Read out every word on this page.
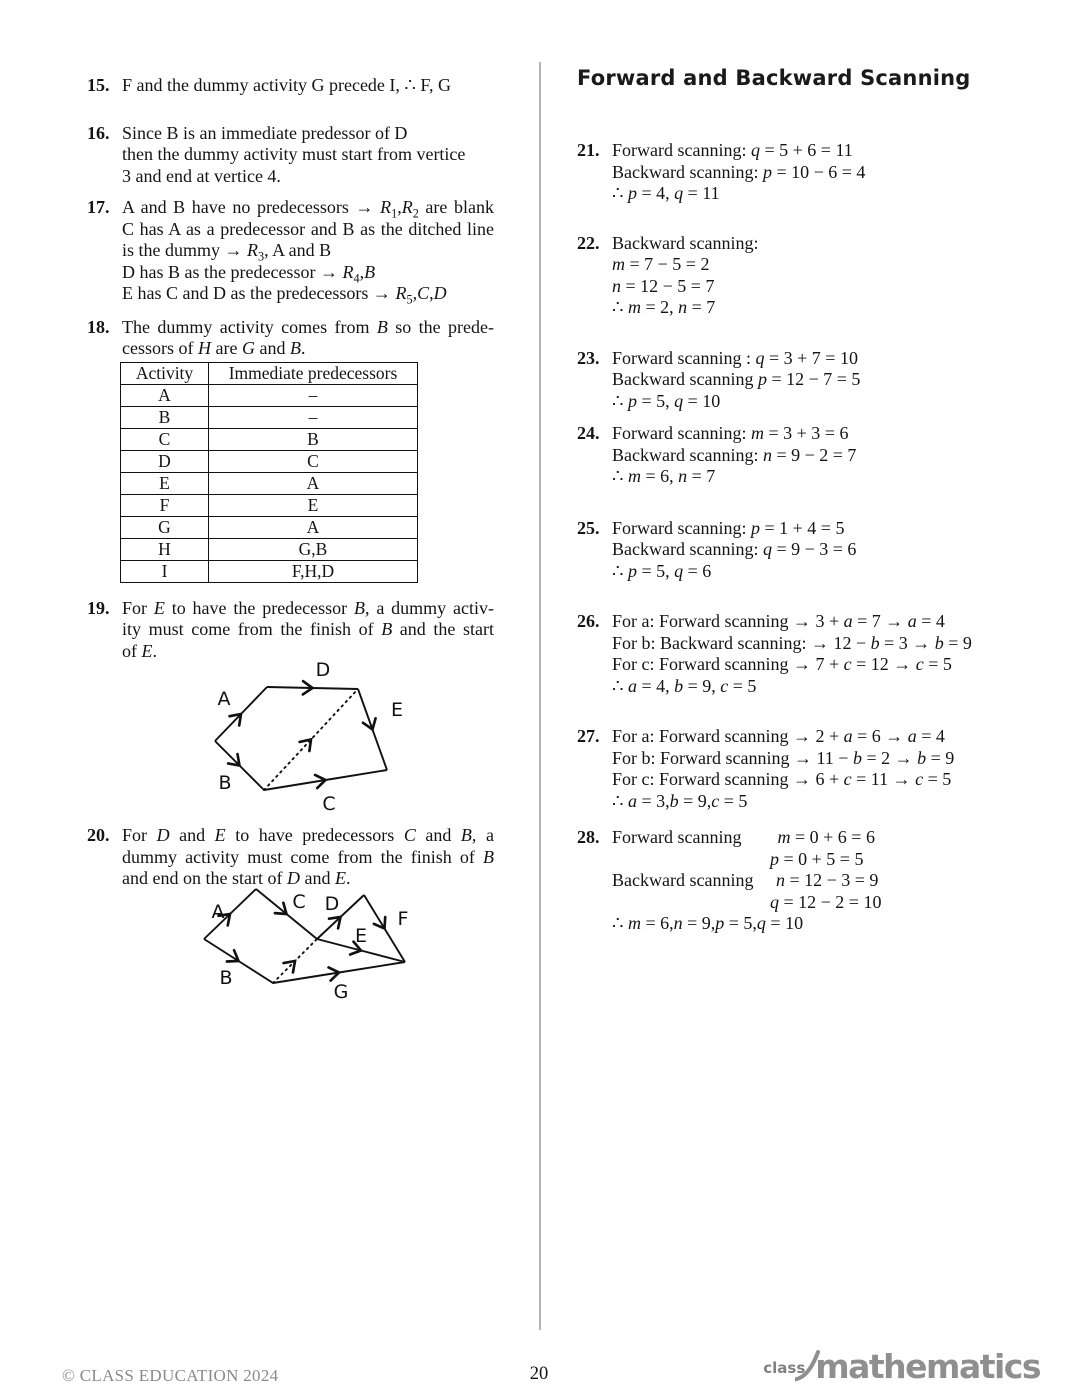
15. F and the dummy activity G precede I, ∴ F, G
16. Since B is an immediate predessor of D
then the dummy activity must start from vertice
3 and end at vertice 4.
17. A and B have no predecessors → $R_1,R_2$ are blank
C has A as a predecessor and B as the ditched line
is the dummy → $R_3$, A and B
D has B as the predecessor → $R_4,B$
E has C and D as the predecessors → $R_5,C,D$
18. The dummy activity comes from B so the prede-
cessors of H are G and B.
Activity	Immediate predecessors
A	–
B	–
C	B
D	C
E	A
F	E
G	A
H	G,B
I	F,H,D
19. For E to have the predecessor B, a dummy activ-
ity must come from the finish of B and the start
of E.
A
D
E
B
C
20. For D and E to have predecessors C and B, a
dummy activity must come from the finish of B
and end on the start of D and E.
A	C D
F
E
B
G
Forward and Backward Scanning
21. Forward scanning: q = 5 + 6 = 11
Backward scanning: p = 10 − 6 = 4
∴ p = 4, q = 11
22. Backward scanning:
m = 7 − 5 = 2
n = 12 − 5 = 7
∴ m = 2, n = 7
23. Forward scanning : q = 3 + 7 = 10
Backward scanning p = 12 − 7 = 5
∴ p = 5, q = 10
24. Forward scanning: m = 3 + 3 = 6
Backward scanning: n = 9 − 2 = 7
∴ m = 6, n = 7
25. Forward scanning: p = 1 + 4 = 5
Backward scanning: q = 9 − 3 = 6
∴ p = 5, q = 6
26. For a: Forward scanning → 3 + a = 7 → a = 4
For b: Backward scanning: → 12 − b = 3 → b = 9
For c: Forward scanning → 7 + c = 12 → c = 5
∴ a = 4, b = 9, c = 5
27. For a: Forward scanning → 2 + a = 6 → a = 4
For b: Forward scanning → 11 − b = 2 → b = 9
For c: Forward scanning → 6 + c = 11 → c = 5
∴ a = 3,b = 9,c = 5
28. Forward scanning m = 0 + 6 = 6
p = 0 + 5 = 5
Backward scanning n = 12 − 3 = 9
q = 12 − 2 = 10
∴ m = 6,n = 9,p = 5,q = 10
© CLASS EDUCATION 2024	20	class mathematics
